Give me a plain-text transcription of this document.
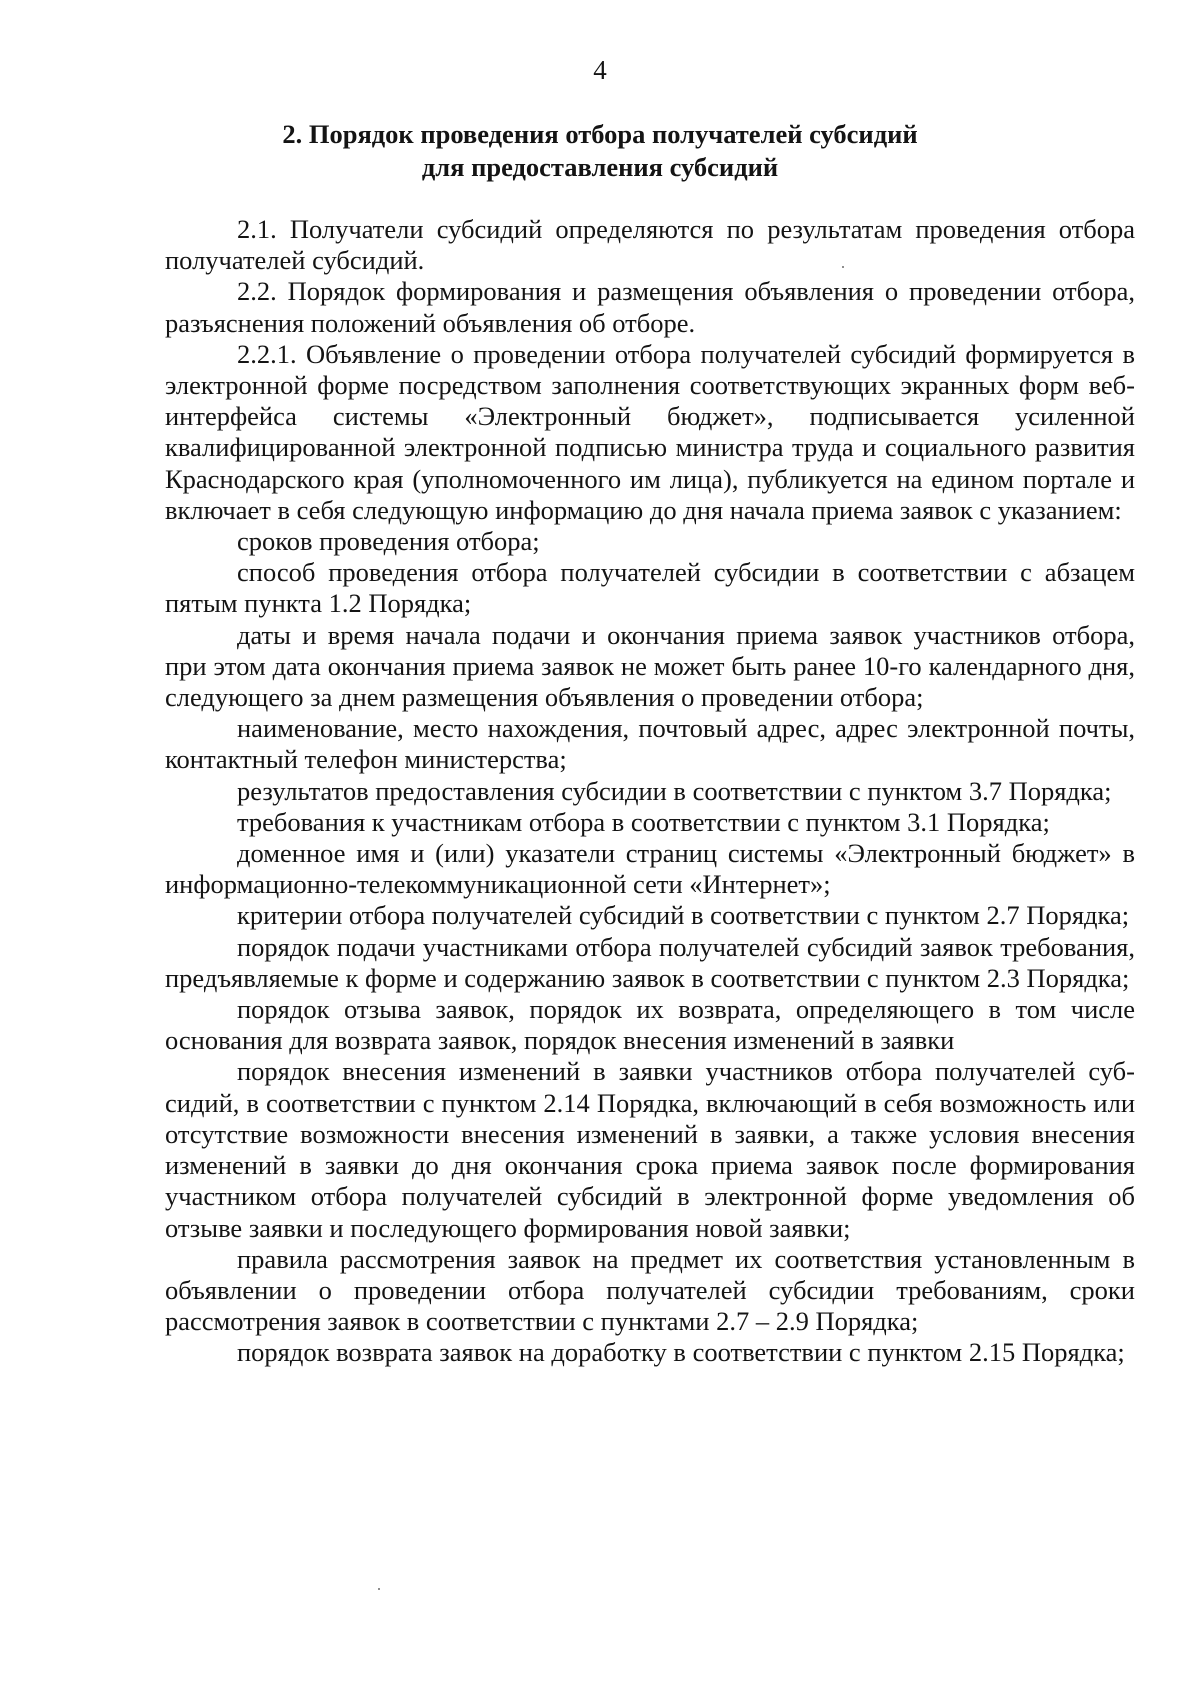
4
2. Порядок проведения отбора получателей субсидий
для предоставления субсидий

2.1. Получатели субсидий определяются по результатам проведения отбора получателей субсидий.

2.2. Порядок формирования и размещения объявления о проведении отбора, разъяснения положений объявления об отборе.

2.2.1. Объявление о проведении отбора получателей субсидий формируется в электронной форме посредством заполнения соответствующих экранных форм веб-интерфейса системы «Электронный бюджет», подписывается усиленной квалифицированной электронной подписью министра труда и социального развития Краснодарского края (уполномоченного им лица), публикуется на едином портале и включает в себя следующую информацию до дня начала приема заявок с указанием:

сроков проведения отбора;

способ проведения отбора получателей субсидии в соответствии с абзацем пятым пункта 1.2 Порядка;

даты и время начала подачи и окончания приема заявок участников отбора, при этом дата окончания приема заявок не может быть ранее 10-го календарного дня, следующего за днем размещения объявления о проведении отбора;

наименование, место нахождения, почтовый адрес, адрес электронной почты, контактный телефон министерства;

результатов предоставления субсидии в соответствии с пунктом 3.7 Порядка;

требования к участникам отбора в соответствии с пунктом 3.1 Порядка;

доменное имя и (или) указатели страниц системы «Электронный бюджет» в информационно-телекоммуникационной сети «Интернет»;

критерии отбора получателей субсидий в соответствии с пунктом 2.7 Порядка;

порядок подачи участниками отбора получателей субсидий заявок требования, предъявляемые к форме и содержанию заявок в соответствии с пунктом 2.3 Порядка;

порядок отзыва заявок, порядок их возврата, определяющего в том числе основания для возврата заявок, порядок внесения изменений в заявки

порядок внесения изменений в заявки участников отбора получателей субсидий, в соответствии с пунктом 2.14 Порядка, включающий в себя возможность или отсутствие возможности внесения изменений в заявки, а также условия внесения изменений в заявки до дня окончания срока приема заявок после формирования участником отбора получателей субсидий в электронной форме уведомления об отзыве заявки и последующего формирования новой заявки;

правила рассмотрения заявок на предмет их соответствия установленным в объявлении о проведении отбора получателей субсидии требованиям, сроки рассмотрения заявок в соответствии с пунктами 2.7 – 2.9 Порядка;

порядок возврата заявок на доработку в соответствии с пунктом 2.15 Порядка;
